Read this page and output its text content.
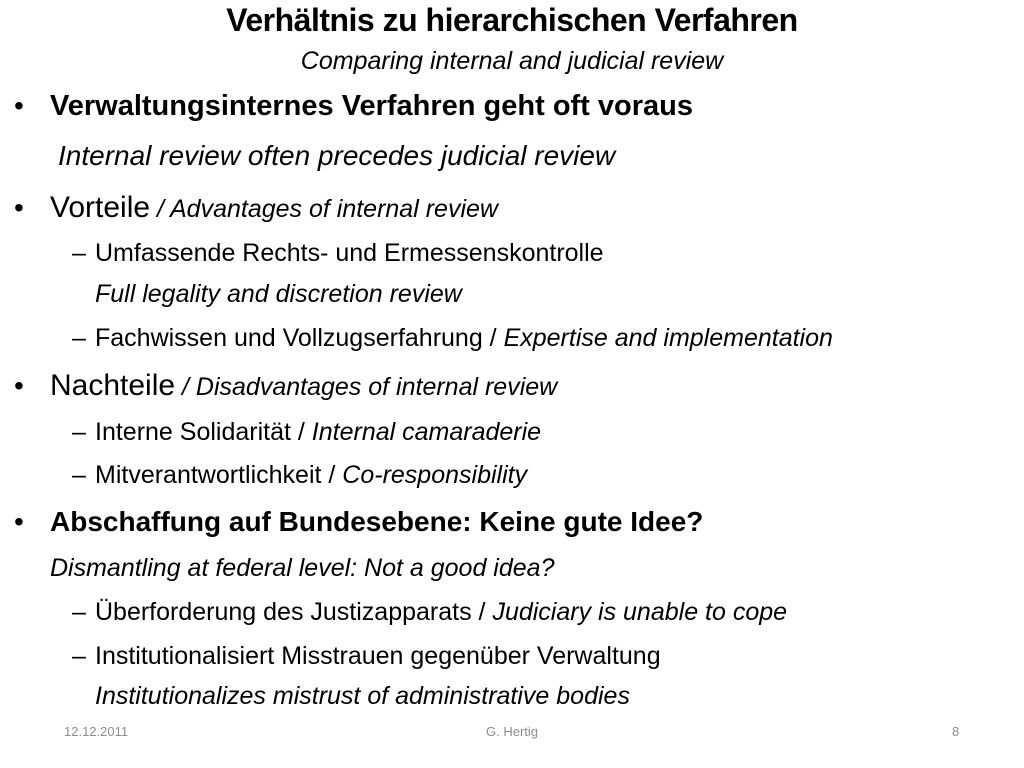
Verhältnis zu hierarchischen Verfahren
Comparing internal and judicial review
• Verwaltungsinternes Verfahren geht oft voraus
Internal review often precedes judicial review
• Vorteile / Advantages of internal review
– Umfassende Rechts- und Ermessenskontrolle
Full legality and discretion review
– Fachwissen und Vollzugserfahrung / Expertise and implementation
• Nachteile / Disadvantages of internal review
– Interne Solidarität / Internal camaraderie
– Mitverantwortlichkeit / Co-responsibility
• Abschaffung auf Bundesebene: Keine gute Idee?
Dismantling at federal level: Not a good idea?
– Überforderung des Justizapparats / Judiciary is unable to cope
– Institutionalisiert Misstrauen gegenüber Verwaltung
Institutionalizes mistrust of administrative bodies
12.12.2011	G. Hertig	8
